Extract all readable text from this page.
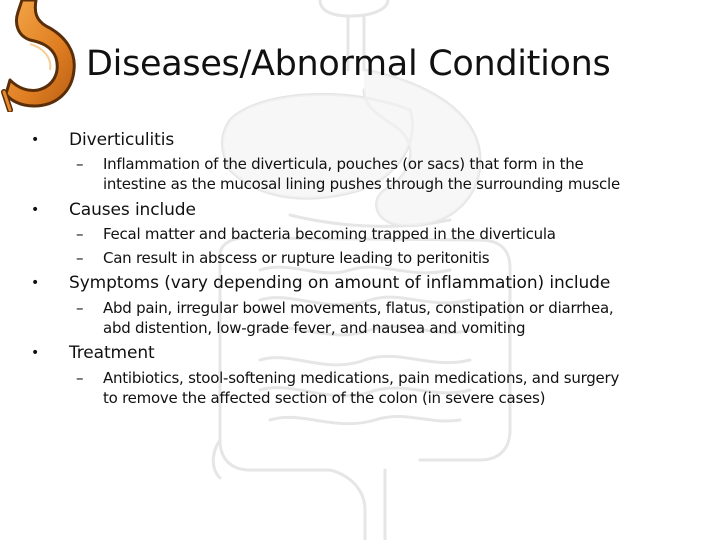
Diseases/Abnormal Conditions
• Diverticulitis
– Inflammation of the diverticula, pouches (or sacs) that form in the
intestine as the mucosal lining pushes through the surrounding muscle
• Causes include
– Fecal matter and bacteria becoming trapped in the diverticula
– Can result in abscess or rupture leading to peritonitis
• Symptoms (vary depending on amount of inflammation) include
– Abd pain, irregular bowel movements, flatus, constipation or diarrhea,
abd distention, low-grade fever, and nausea and vomiting
• Treatment
– Antibiotics, stool-softening medications, pain medications, and surgery
to remove the affected section of the colon (in severe cases)
